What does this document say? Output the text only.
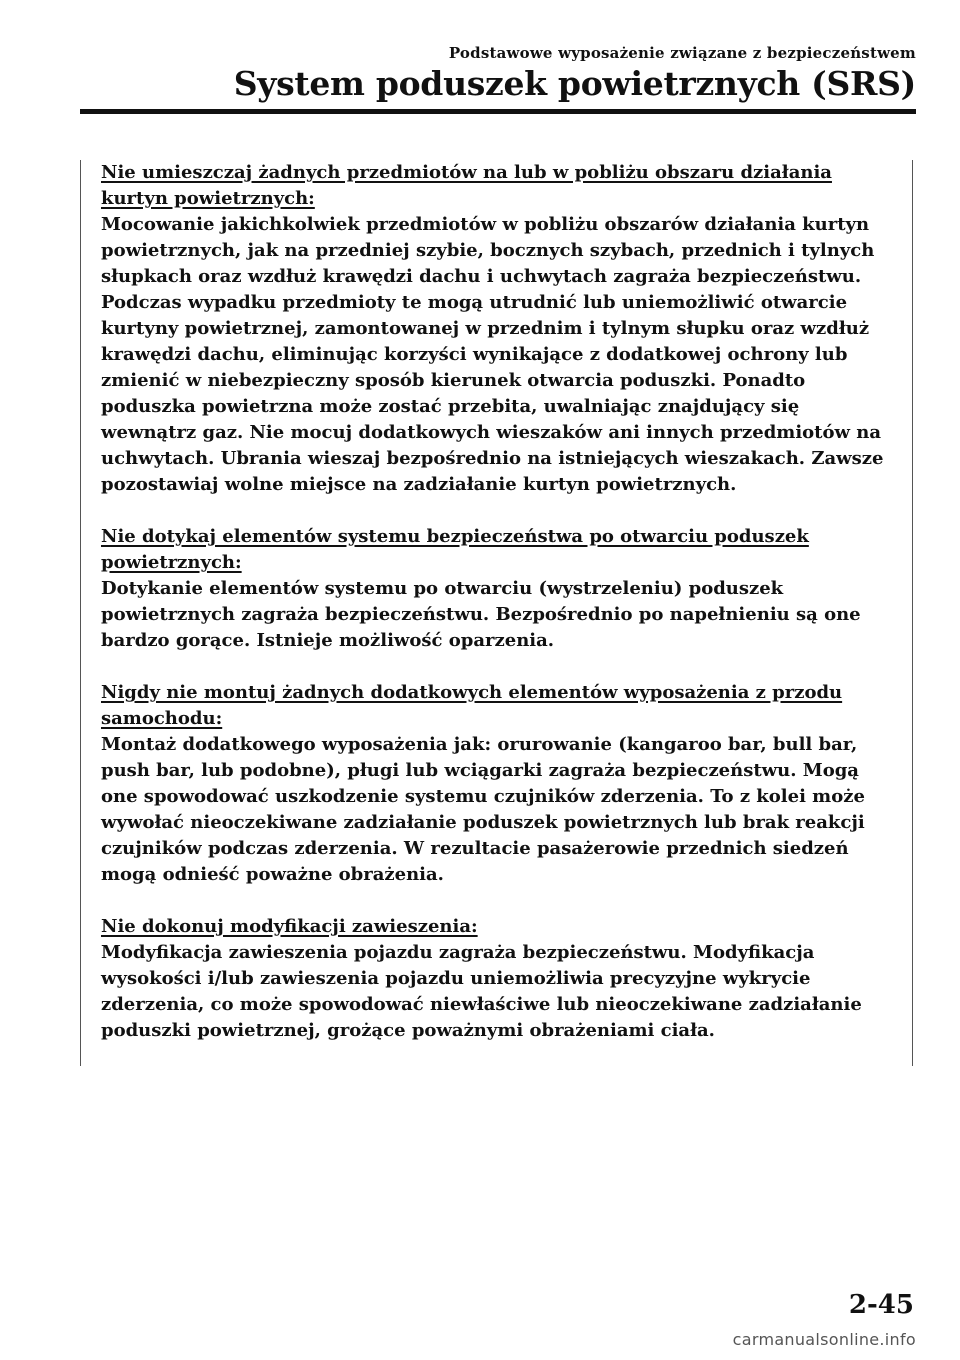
Podstawowe wyposażenie związane z bezpieczeństwem
System poduszek powietrznych (SRS)

Nie umieszczaj żadnych przedmiotów na lub w pobliżu obszaru działania kurtyn powietrznych:

Mocowanie jakichkolwiek przedmiotów w pobliżu obszarów działania kurtyn powietrznych, jak na przedniej szybie, bocznych szybach, przednich i tylnych słupkach oraz wzdłuż krawędzi dachu i uchwytach zagraża bezpieczeństwu. Podczas wypadku przedmioty te mogą utrudnić lub uniemożliwić otwarcie kurtyny powietrznej, zamontowanej w przednim i tylnym słupku oraz wzdłuż krawędzi dachu, eliminując korzyści wynikające z dodatkowej ochrony lub zmienić w niebezpieczny sposób kierunek otwarcia poduszki. Ponadto poduszka powietrzna może zostać przebita, uwalniając znajdujący się wewnątrz gaz. Nie mocuj dodatkowych wieszaków ani innych przedmiotów na uchwytach. Ubrania wieszaj bezpośrednio na istniejących wieszakach. Zawsze pozostawiaj wolne miejsce na zadziałanie kurtyn powietrznych.

Nie dotykaj elementów systemu bezpieczeństwa po otwarciu poduszek powietrznych:

Dotykanie elementów systemu po otwarciu (wystrzeleniu) poduszek powietrznych zagraża bezpieczeństwu. Bezpośrednio po napełnieniu są one bardzo gorące. Istnieje możliwość oparzenia.

Nigdy nie montuj żadnych dodatkowych elementów wyposażenia z przodu samochodu:

Montaż dodatkowego wyposażenia jak: orurowanie (kangaroo bar, bull bar, push bar, lub podobne), pługi lub wciągarki zagraża bezpieczeństwu. Mogą one spowodować uszkodzenie systemu czujników zderzenia. To z kolei może wywołać nieoczekiwane zadziałanie poduszek powietrznych lub brak reakcji czujników podczas zderzenia. W rezultacie pasażerowie przednich siedzeń mogą odnieść poważne obrażenia.

Nie dokonuj modyfikacji zawieszenia:

Modyfikacja zawieszenia pojazdu zagraża bezpieczeństwu. Modyfikacja wysokości i/lub zawieszenia pojazdu uniemożliwia precyzyjne wykrycie zderzenia, co może spowodować niewłaściwe lub nieoczekiwane zadziałanie poduszki powietrznej, grożące poważnymi obrażeniami ciała.

2-45
carmanualsonline.info
